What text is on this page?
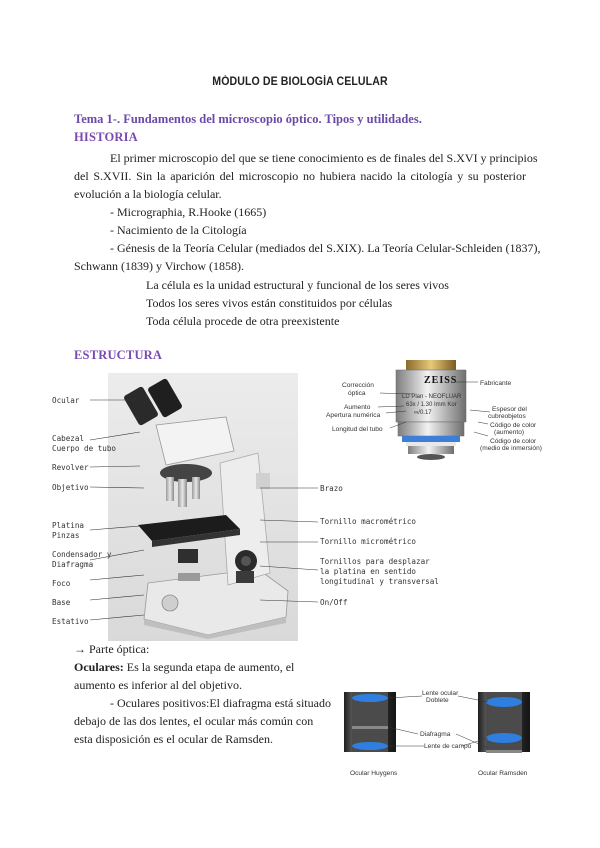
MÓDULO DE BIOLOGÍA CELULAR
Tema 1-. Fundamentos del microscopio óptico. Tipos y utilidades.
HISTORIA
El primer microscopio del que se tiene conocimiento es de finales del S.XVI y principios
del S.XVII. Sin la aparición del microscopio no hubiera nacido la citología y su posterior evolución a la biología celular.
- Micrographia, R.Hooke (1665)
- Nacimiento de la Citología
- Génesis de la Teoría Celular (mediados del S.XIX). La Teoría Celular-Schleiden (1837),
Schwann (1839) y Virchow (1858).
La célula es la unidad estructural y funcional de los seres vivos
Todos los seres vivos están constituidos por células
Toda célula procede de otra preexistente
ESTRUCTURA
Ocular
Cabezal
Cuerpo de tubo
Revolver
Objetivo
Platina
Pinzas
Condensador y
Diafragma
Foco
Base
Estativo
Brazo
Tornillo macrométrico
Tornillo micrométrico
Tornillos para desplazar
la platina en sentido
longitudinal y transversal
On/Off
ZEISS
LD Plan - NEOFLUAR
63x / 1.30 Imm Kor
∞/0.17
Corrección
óptica
Aumento
Apertura numérica
Longitud del tubo
Fabricante
Espesor del
cubreobjetos
Código de color
(aumento)
Código de color
(medio de inmersión)
→ Parte óptica:
Oculares: Es la segunda etapa de aumento, el aumento es inferior al del objetivo.
- Oculares positivos:El diafragma está situado
debajo de las dos lentes, el ocular más común con esta disposición es el ocular de Ramsden.
Lente ocular
Doblete
Diafragma
Lente de campo
Ocular Huygens	Ocular Ramsden
